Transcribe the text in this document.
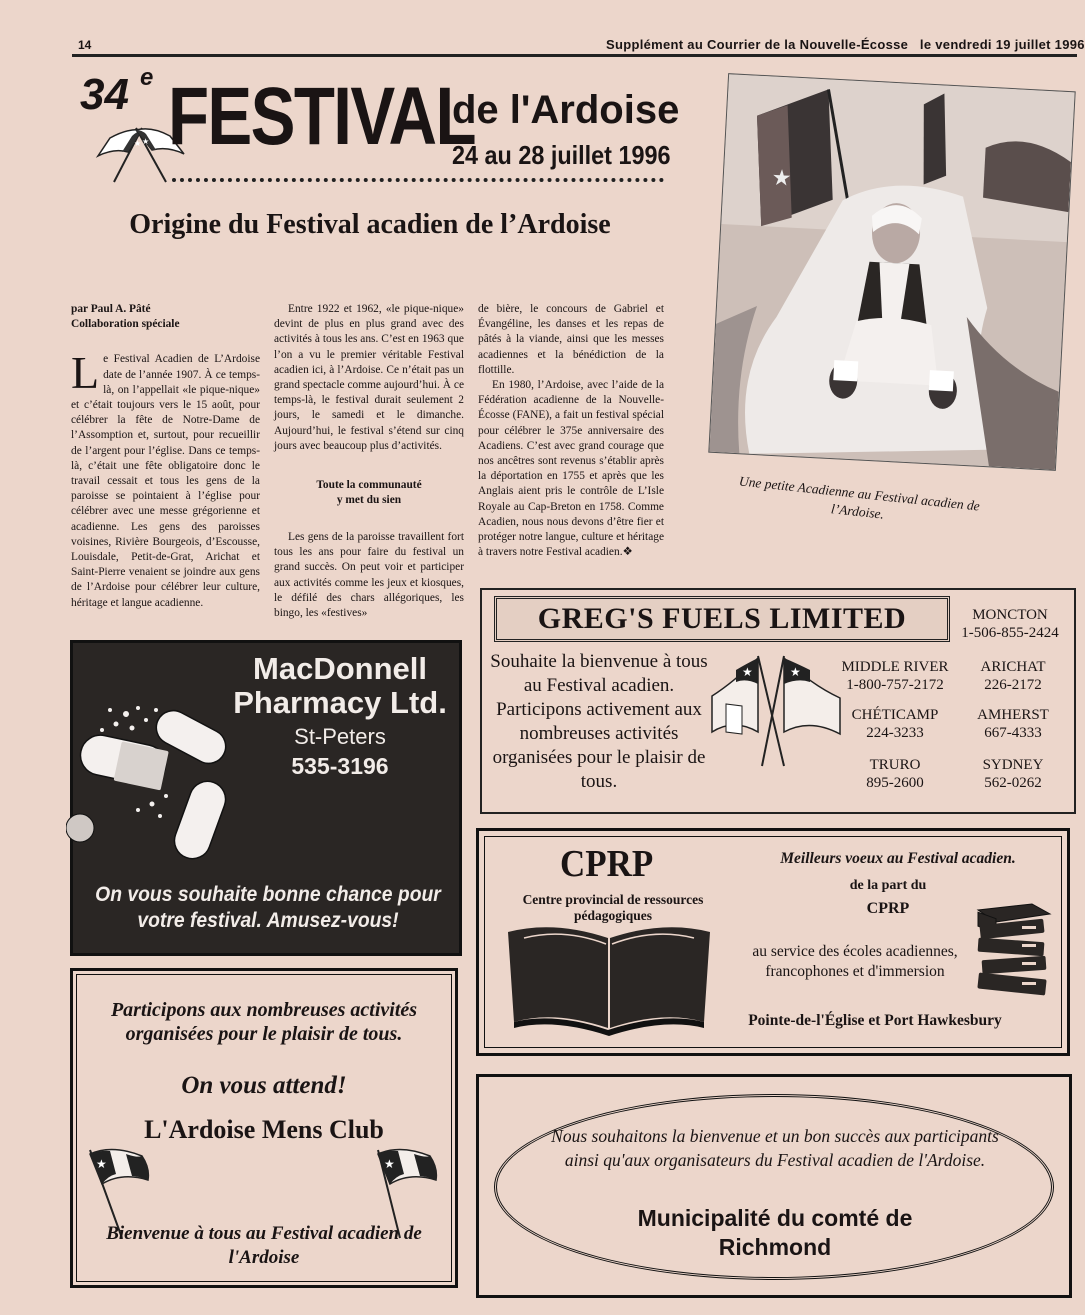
14	Supplément au Courrier de la Nouvelle-Écosse   le vendredi 19 juillet 1996
★ ★
34 e FESTIVAL
de l'Ardoise
24 au 28 juillet 1996
Origine du Festival acadien de l’Ardoise

par Paul A. Pâté
Collaboration spéciale

Le Festival Acadien de L’Ardoise date de l’année 1907. À ce temps-là, on l’appellait «le pique-nique» et c’était toujours vers le 15 août, pour célébrer la fête de Notre-Dame de l’Assomption et, surtout, pour recueillir de l’argent pour l’église. Dans ce temps-là, c’était une fête obligatoire donc le travail cessait et tous les gens de la paroisse se pointaient à l’église pour célébrer avec une messe grégorienne et acadienne. Les gens des paroisses voisines, Rivière Bourgeois, d’Escousse, Louisdale, Petit-de-Grat, Arichat et Saint-Pierre venaient se joindre aux gens de l’Ardoise pour célébrer leur culture, héritage et langue acadienne.

Entre 1922 et 1962, «le pique-nique» devint de plus en plus grand avec des activités à tous les ans. C’est en 1963 que l’on a vu le premier véritable Festival acadien ici, à l’Ardoise. Ce n’était pas un grand spectacle comme aujourd’hui. À ce temps-là, le festival durait seulement 2 jours, le samedi et le dimanche. Aujourd’hui, le festival s’étend sur cinq jours avec beaucoup plus d’activités.

Toute la communauté
y met du sien

Les gens de la paroisse travaillent fort tous les ans pour faire du festival un grand succès. On peut voir et participer aux activités comme les jeux et kiosques, le défilé des chars allégoriques, les bingo, les «festives»

de bière, le concours de Gabriel et Évangéline, les danses et les repas de pâtés à la viande, ainsi que les messes acadiennes et la bénédiction de la flottille.

En 1980, l’Ardoise, avec l’aide de la Fédération acadienne de la Nouvelle-Écosse (FANE), a fait un festival spécial pour célébrer le 375e anniversaire des Acadiens. C’est avec grand courage que nos ancêtres sont revenus s’établir après la déportation en 1755 et après que les Anglais aient pris le contrôle de L’Isle Royale au Cap-Breton en 1758. Comme Acadien, nous nous devons d’être fier et protéger notre langue, culture et héritage à travers notre Festival acadien.❖

★
Une petite Acadienne au Festival acadien de l’Ardoise.
GREG'S FUELS LIMITED	MONCTON
1-506-855-2424
Souhaite la bienvenue à tous au Festival acadien. Participons activement aux nombreuses activités organisées pour le plaisir de tous.
★	★	MIDDLE RIVER
1-800-757-2172
ARICHAT
226-2172
CHÉTICAMP
224-3233
AMHERST
667-4333
TRURO
895-2600
SYDNEY
562-0262
MacDonnell
Pharmacy Ltd.
St-Peters
535-3196
On vous souhaite bonne chance pour votre festival. Amusez-vous!
CPRP
Centre provincial de ressources pédagogiques
Meilleurs voeux au Festival acadien.
de la part du
CPRP
au service des écoles acadiennes, francophones et d'immersion
Pointe-de-l'Église et Port Hawkesbury
Participons aux nombreuses activités organisées pour le plaisir de tous.
On vous attend!
L'Ardoise Mens Club
★	★
Bienvenue à tous au Festival acadien de l'Ardoise
Nous souhaitons la bienvenue et un bon succès aux participants ainsi qu'aux organisateurs du Festival acadien de l'Ardoise.
Municipalité du comté de Richmond
